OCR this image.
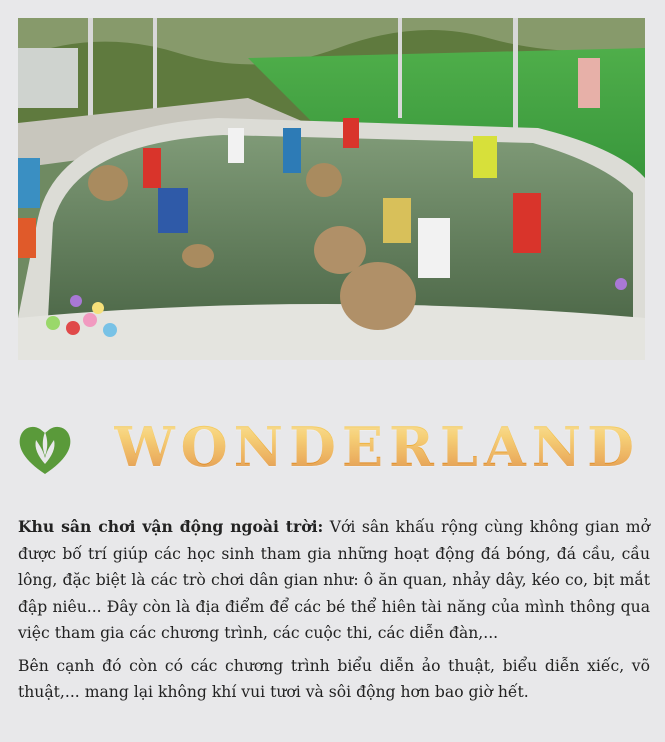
WONDERLAND

Khu sân chơi vận động ngoài trời: Với sân khấu rộng cùng không gian mở được bố trí giúp các học sinh tham gia những hoạt động đá bóng, đá cầu, cầu lông, đặc biệt là các trò chơi dân gian như: ô ăn quan, nhảy dây, kéo co, bịt mắt đập niêu... Đây còn là địa điểm để các bé thể hiên tài năng của mình thông qua việc tham gia các chương trình, các cuộc thi, các diễn đàn,...

Bên cạnh đó còn có các chương trình biểu diễn ảo thuật, biểu diễn xiếc, võ thuật,... mang lại không khí vui tươi và sôi động hơn bao giờ hết.
